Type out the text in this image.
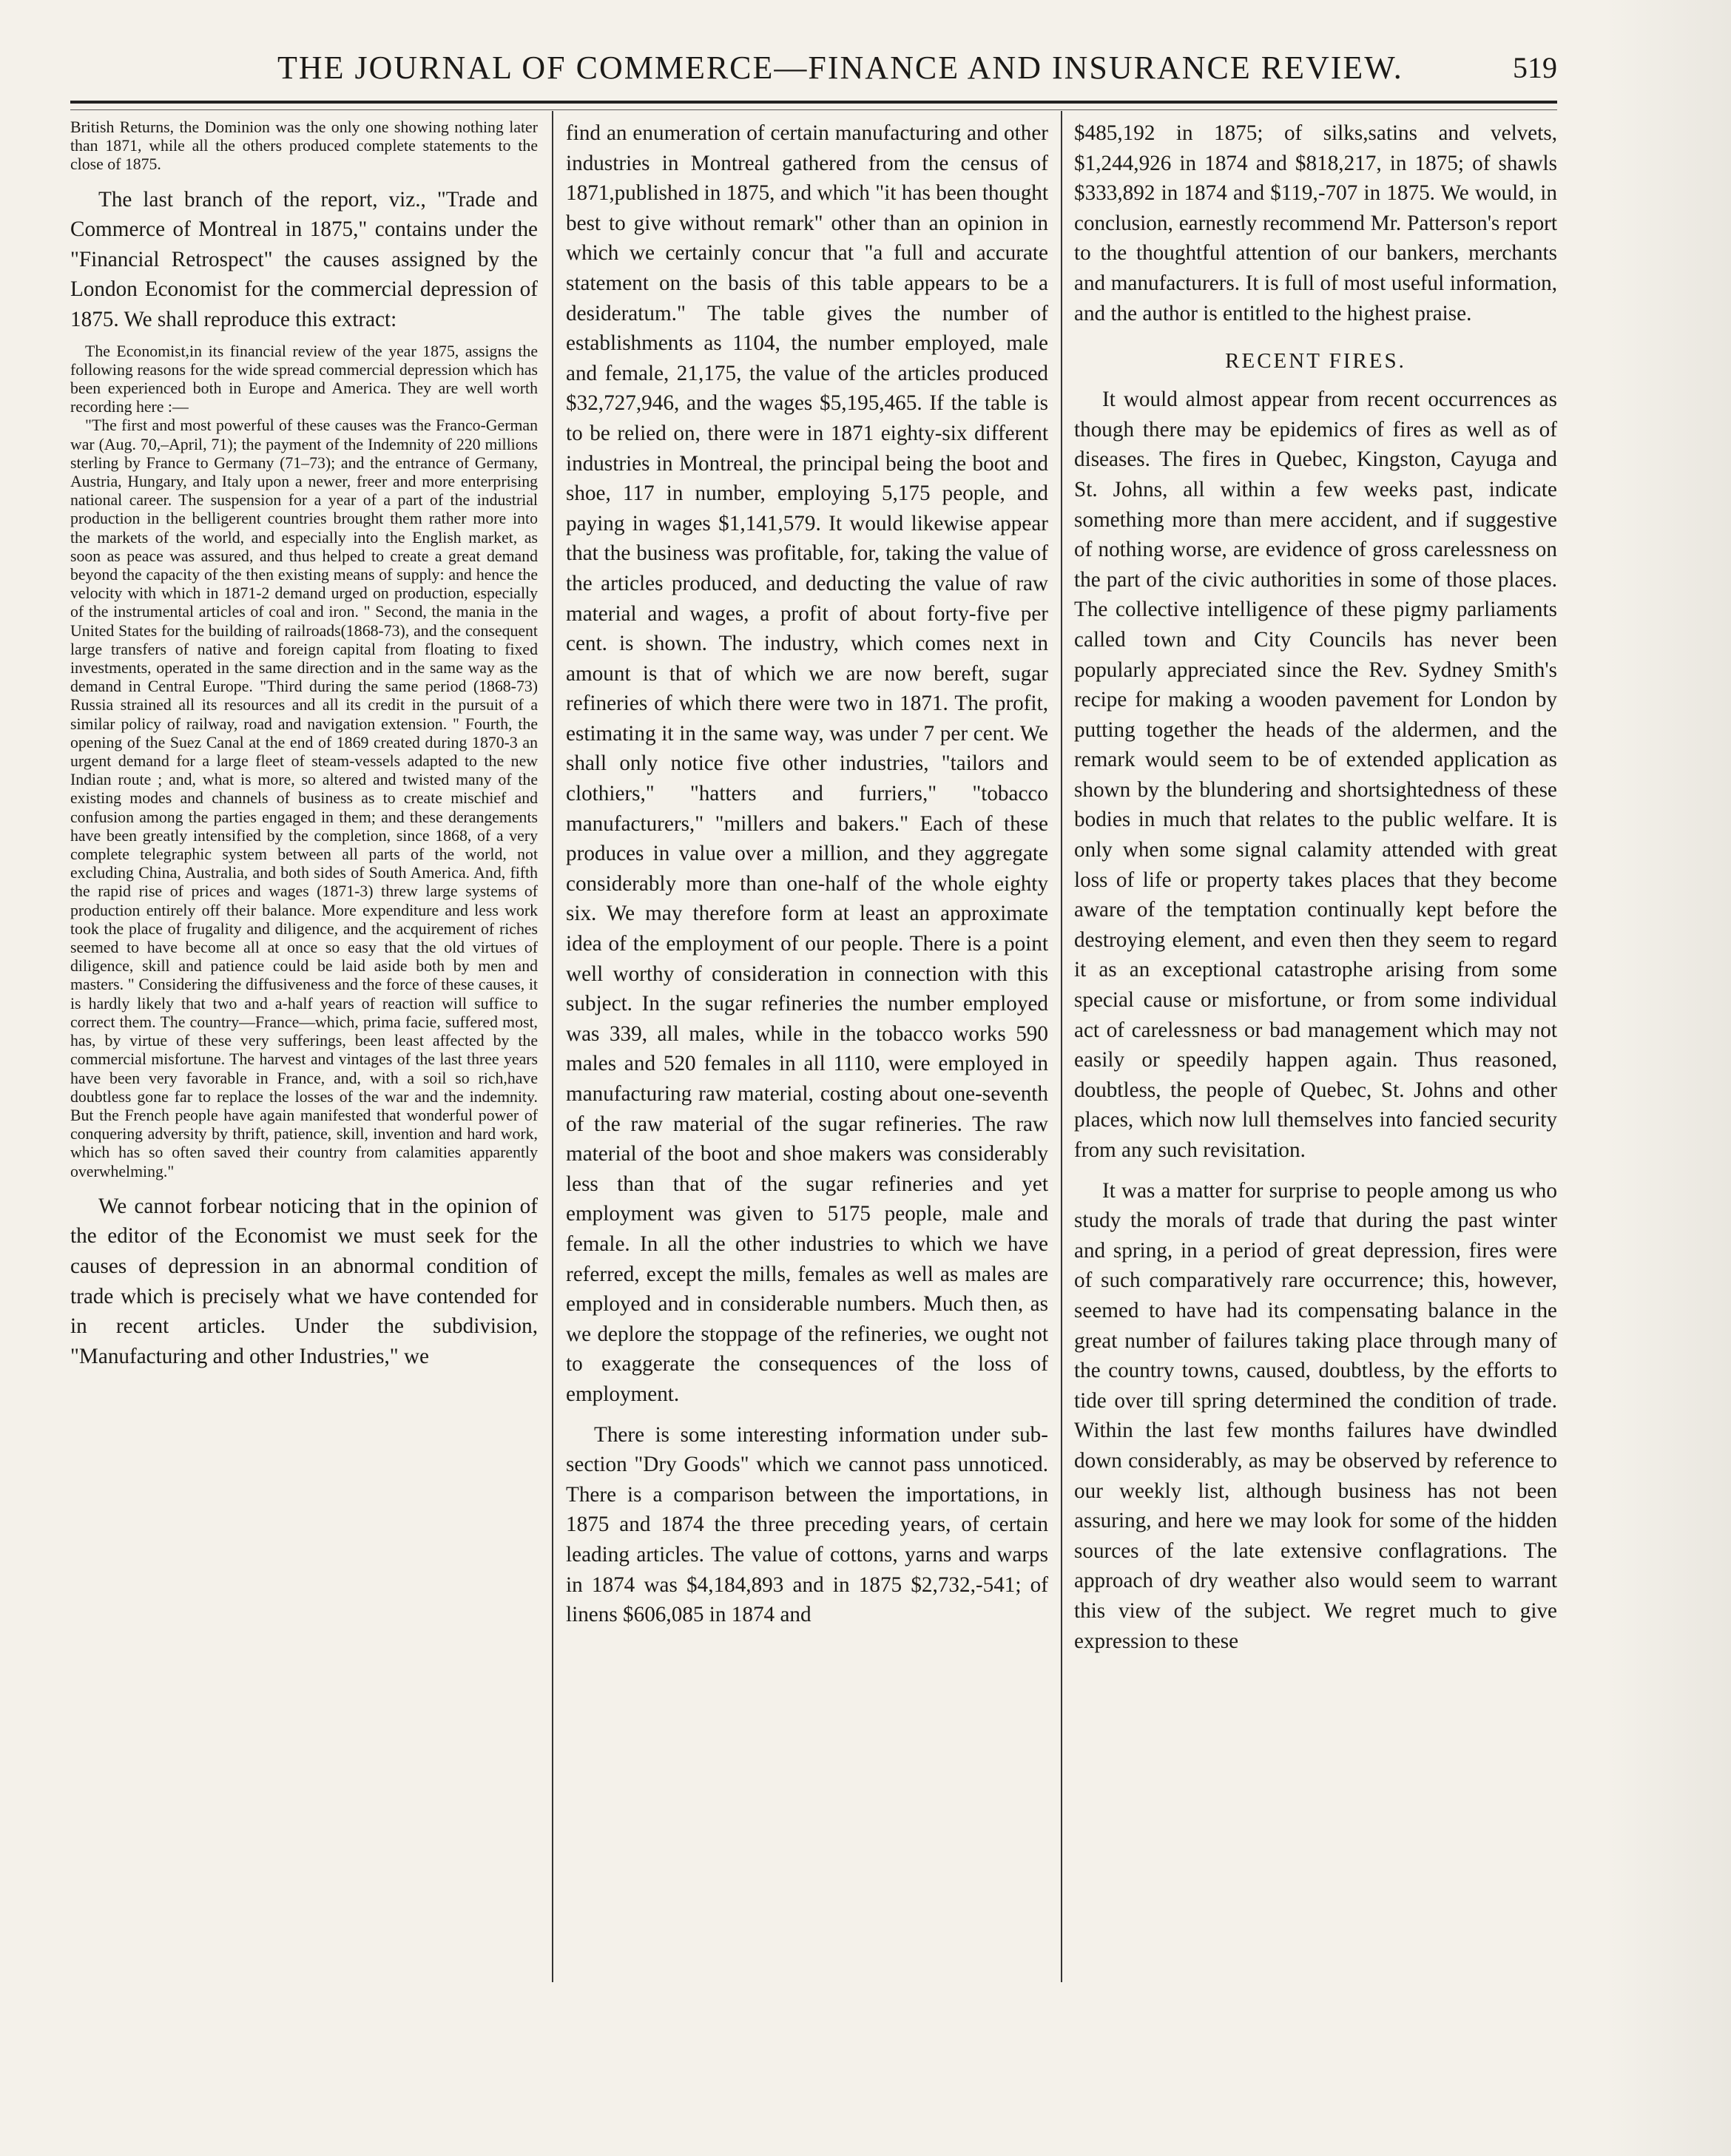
THE JOURNAL OF COMMERCE—FINANCE AND INSURANCE REVIEW.	519

British Returns, the Dominion was the only one showing nothing later than 1871, while all the others produced complete statements to the close of 1875.

The last branch of the report, viz., "Trade and Commerce of Montreal in 1875," contains under the "Financial Retrospect" the causes assigned by the London Economist for the commercial depression of 1875. We shall reproduce this extract:

The Economist,in its financial review of the year 1875, assigns the following reasons for the wide spread commercial depression which has been experienced both in Europe and America. They are well worth recording here :—

"The first and most powerful of these causes was the Franco-German war (Aug. 70,–April, 71); the payment of the Indemnity of 220 millions sterling by France to Germany (71–73); and the entrance of Germany, Austria, Hungary, and Italy upon a newer, freer and more enterprising national career. The suspension for a year of a part of the industrial production in the belligerent countries brought them rather more into the markets of the world, and especially into the English market, as soon as peace was assured, and thus helped to create a great demand beyond the capacity of the then existing means of supply: and hence the velocity with which in 1871-2 demand urged on production, especially of the instrumental articles of coal and iron. " Second, the mania in the United States for the building of railroads(1868-73), and the consequent large transfers of native and foreign capital from floating to fixed investments, operated in the same direction and in the same way as the demand in Central Europe. "Third during the same period (1868-73) Russia strained all its resources and all its credit in the pursuit of a similar policy of railway, road and navigation extension. " Fourth, the opening of the Suez Canal at the end of 1869 created during 1870-3 an urgent demand for a large fleet of steam-vessels adapted to the new Indian route ; and, what is more, so altered and twisted many of the existing modes and channels of business as to create mischief and confusion among the parties engaged in them; and these derangements have been greatly intensified by the completion, since 1868, of a very complete telegraphic system between all parts of the world, not excluding China, Australia, and both sides of South America. And, fifth the rapid rise of prices and wages (1871-3) threw large systems of production entirely off their balance. More expenditure and less work took the place of frugality and diligence, and the acquirement of riches seemed to have become all at once so easy that the old virtues of diligence, skill and patience could be laid aside both by men and masters. " Considering the diffusiveness and the force of these causes, it is hardly likely that two and a-half years of reaction will suffice to correct them. The country—France—which, prima facie, suffered most, has, by virtue of these very sufferings, been least affected by the commercial misfortune. The harvest and vintages of the last three years have been very favorable in France, and, with a soil so rich,have doubtless gone far to replace the losses of the war and the indemnity. But the French people have again manifested that wonderful power of conquering adversity by thrift, patience, skill, invention and hard work, which has so often saved their country from calamities apparently overwhelming."

We cannot forbear noticing that in the opinion of the editor of the Economist we must seek for the causes of depression in an abnormal condition of trade which is precisely what we have contended for in recent articles. Under the subdivision, "Manufacturing and other Industries," we

find an enumeration of certain manufacturing and other industries in Montreal gathered from the census of 1871,published in 1875, and which "it has been thought best to give without remark" other than an opinion in which we certainly concur that "a full and accurate statement on the basis of this table appears to be a desideratum." The table gives the number of establishments as 1104, the number employed, male and female, 21,175, the value of the articles produced $32,727,946, and the wages $5,195,465. If the table is to be relied on, there were in 1871 eighty-six different industries in Montreal, the principal being the boot and shoe, 117 in number, employing 5,175 people, and paying in wages $1,141,579. It would likewise appear that the business was profitable, for, taking the value of the articles produced, and deducting the value of raw material and wages, a profit of about forty-five per cent. is shown. The industry, which comes next in amount is that of which we are now bereft, sugar refineries of which there were two in 1871. The profit, estimating it in the same way, was under 7 per cent. We shall only notice five other industries, "tailors and clothiers," "hatters and furriers," "tobacco manufacturers," "millers and bakers." Each of these produces in value over a million, and they aggregate considerably more than one-half of the whole eighty six. We may therefore form at least an approximate idea of the employment of our people. There is a point well worthy of consideration in connection with this subject. In the sugar refineries the number employed was 339, all males, while in the tobacco works 590 males and 520 females in all 1110, were employed in manufacturing raw material, costing about one-seventh of the raw material of the sugar refineries. The raw material of the boot and shoe makers was considerably less than that of the sugar refineries and yet employment was given to 5175 people, male and female. In all the other industries to which we have referred, except the mills, females as well as males are employed and in considerable numbers. Much then, as we deplore the stoppage of the refineries, we ought not to exaggerate the consequences of the loss of employment.

There is some interesting information under sub-section "Dry Goods" which we cannot pass unnoticed. There is a comparison between the importations, in 1875 and 1874 the three preceding years, of certain leading articles. The value of cottons, yarns and warps in 1874 was $4,184,893 and in 1875 $2,732,-541; of linens $606,085 in 1874 and

$485,192 in 1875; of silks,satins and velvets, $1,244,926 in 1874 and $818,217, in 1875; of shawls $333,892 in 1874 and $119,-707 in 1875. We would, in conclusion, earnestly recommend Mr. Patterson's report to the thoughtful attention of our bankers, merchants and manufacturers. It is full of most useful information, and the author is entitled to the highest praise.

RECENT FIRES.

It would almost appear from recent occurrences as though there may be epidemics of fires as well as of diseases. The fires in Quebec, Kingston, Cayuga and St. Johns, all within a few weeks past, indicate something more than mere accident, and if suggestive of nothing worse, are evidence of gross carelessness on the part of the civic authorities in some of those places. The collective intelligence of these pigmy parliaments called town and City Councils has never been popularly appreciated since the Rev. Sydney Smith's recipe for making a wooden pavement for London by putting together the heads of the aldermen, and the remark would seem to be of extended application as shown by the blundering and shortsightedness of these bodies in much that relates to the public welfare. It is only when some signal calamity attended with great loss of life or property takes places that they become aware of the temptation continually kept before the destroying element, and even then they seem to regard it as an exceptional catastrophe arising from some special cause or misfortune, or from some individual act of carelessness or bad management which may not easily or speedily happen again. Thus reasoned, doubtless, the people of Quebec, St. Johns and other places, which now lull themselves into fancied security from any such revisitation.

It was a matter for surprise to people among us who study the morals of trade that during the past winter and spring, in a period of great depression, fires were of such comparatively rare occurrence; this, however, seemed to have had its compensating balance in the great number of failures taking place through many of the country towns, caused, doubtless, by the efforts to tide over till spring determined the condition of trade. Within the last few months failures have dwindled down considerably, as may be observed by reference to our weekly list, although business has not been assuring, and here we may look for some of the hidden sources of the late extensive conflagrations. The approach of dry weather also would seem to warrant this view of the subject. We regret much to give expression to these
